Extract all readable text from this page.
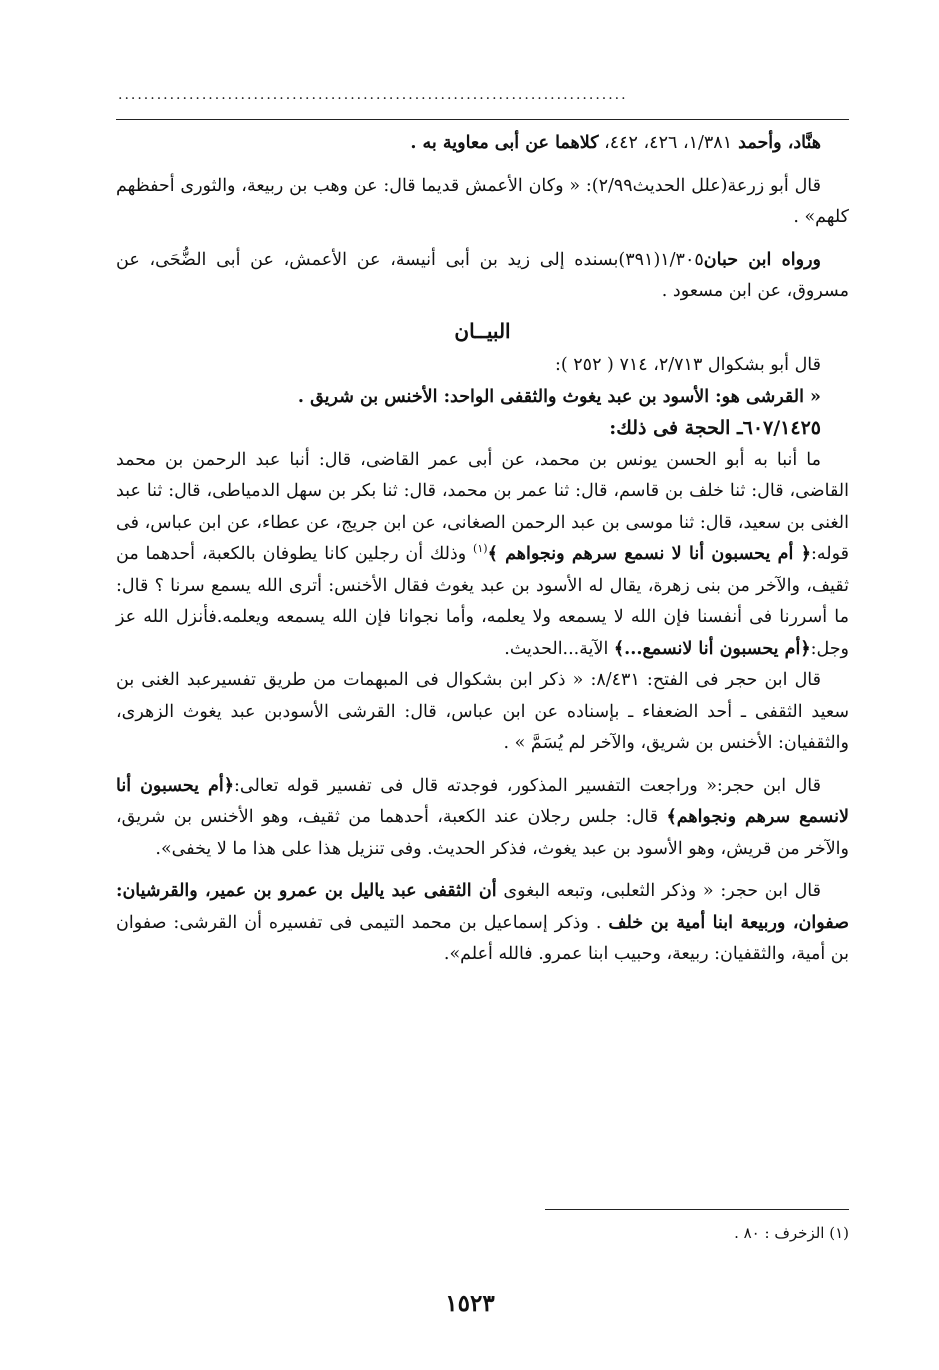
...............................................................................

هنَّاد، وأحمد ١/٣٨١، ٤٢٦، ٤٤٢، كلاهما عن أبى معاوية به .

قال أبو زرعة(علل الحديث٢/٩٩): « وكان الأعمش قديما قال: عن وهب بن ربيعة، والثورى أحفظهم كلهم» .

ورواه ابن حبان١/٣٠٥(٣٩١)بسنده إلى زيد بن أبى أنيسة، عن الأعمش، عن أبى الضُّحَى، عن مسروق، عن ابن مسعود .

البيــان

قال أبو بشكوال ٢/٧١٣، ٧١٤ ( ٢٥٢ ):

« القرشى هو: الأسود بن عبد يغوث والثقفى الواحد: الأخنس بن شريق .

٦٠٧/١٤٢٥ـ الحجة فى ذلك:

ما أنبا به أبو الحسن يونس بن محمد، عن أبى عمر القاضى، قال: أنبا عبد الرحمن بن محمد القاضى، قال: ثنا خلف بن قاسم، قال: ثنا عمر بن محمد، قال: ثنا بكر بن سهل الدمياطى، قال: ثنا عبد الغنى بن سعيد، قال: ثنا موسى بن عبد الرحمن الصغانى، عن ابن جريج، عن عطاء، عن ابن عباس، فى قوله:﴿ أم يحسبون أنا لا نسمع سرهم ونجواهم ﴾$^{(١)}$ وذلك أن رجلين كانا يطوفان بالكعبة، أحدهما من ثقيف، والآخر من بنى زهرة، يقال له الأسود بن عبد يغوث فقال الأخنس: أترى الله يسمع سرنا ؟ قال: ما أسررنا فى أنفسنا فإن الله لا يسمعه ولا يعلمه، وأما نجوانا فإن الله يسمعه ويعلمه.فأنزل الله عز وجل:﴿أم يحسبون أنا لانسمع...﴾ الآية...الحديث.

قال ابن حجر فى الفتح: ٨/٤٣١: « ذكر ابن بشكوال فى المبهمات من طريق تفسيرعبد الغنى بن سعيد الثقفى ـ أحد الضعفاء ـ بإسناده عن ابن عباس، قال: القرشى الأسودبن عبد يغوث الزهرى، والثقفيان: الأخنس بن شريق، والآخر لم يُسَمَّ » .

قال ابن حجر:« وراجعت التفسير المذكور، فوجدته قال فى تفسير قوله تعالى:﴿أم يحسبون أنا لانسمع سرهم ونجواهم﴾ قال: جلس رجلان عند الكعبة، أحدهما من ثقيف، وهو الأخنس بن شريق، والآخر من قريش، وهو الأسود بن عبد يغوث، فذكر الحديث. وفى تنزيل هذا على هذا ما لا يخفى».

قال ابن حجر: « وذكر الثعلبى، وتبعه البغوى أن الثقفى عبد ياليل بن عمرو بن عمير، والقرشيان: صفوان، وربيعة ابنا أمية بن خلف . وذكر إسماعيل بن محمد التيمى فى تفسيره أن القرشى: صفوان بن أمية، والثقفيان: ربيعة، وحبيب ابنا عمرو. فالله أعلم».

(١) الزخرف : ٨٠ .
١٥٢٣
